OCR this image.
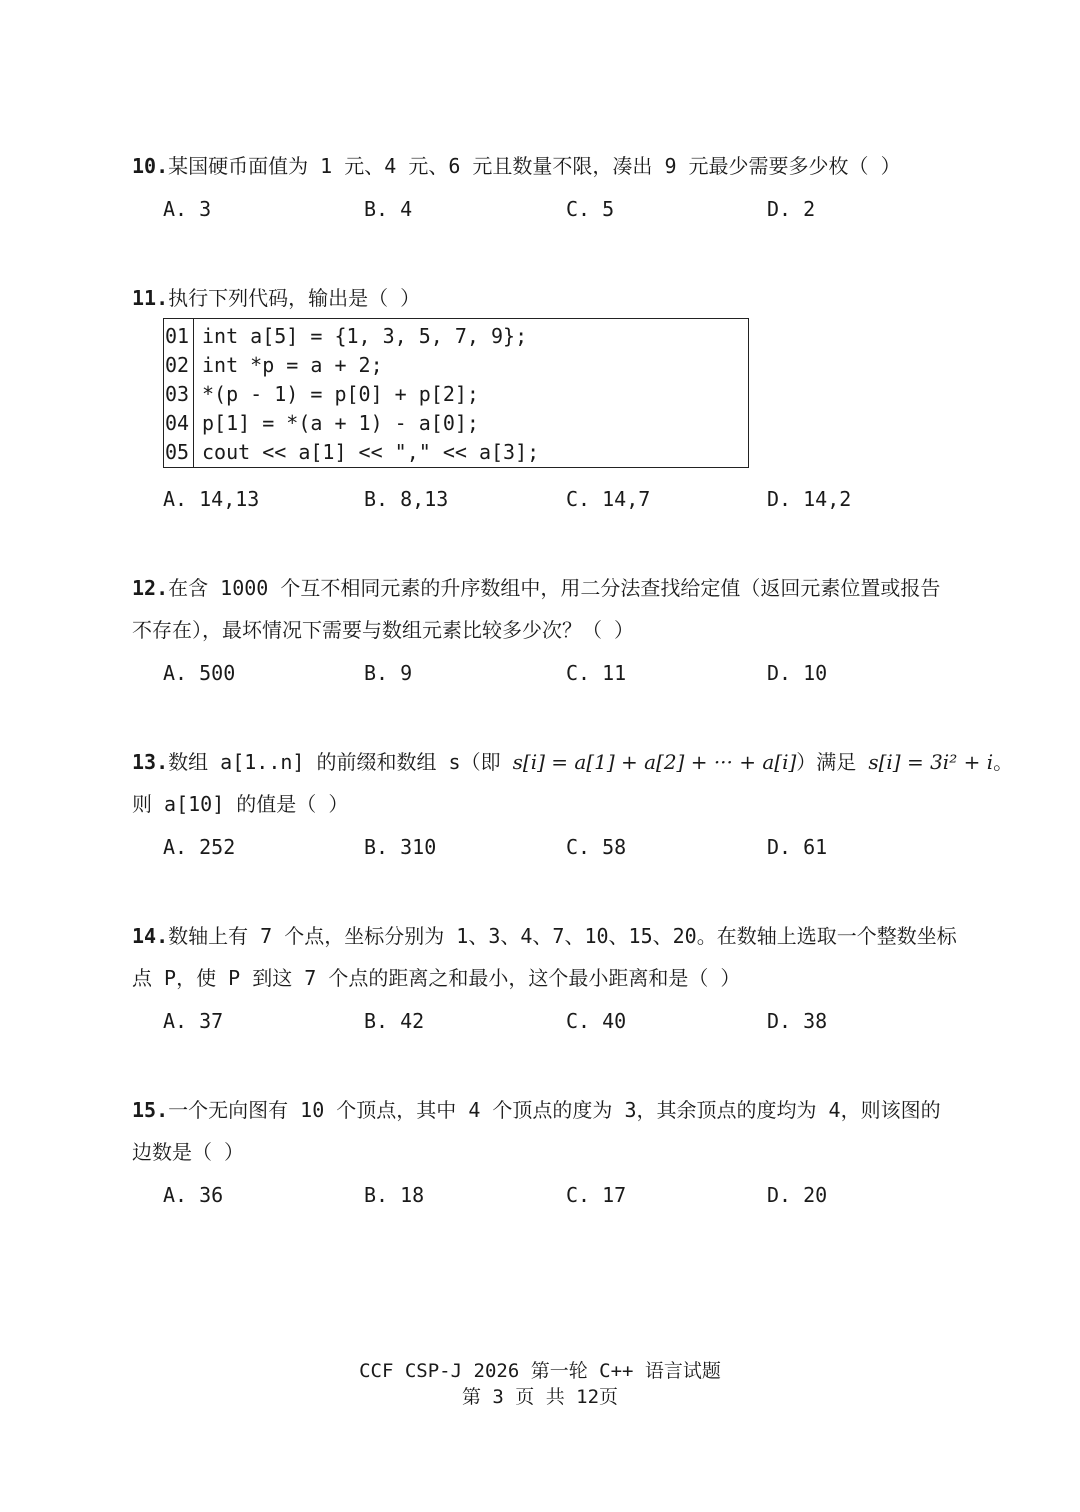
10.某国硬币面值为 1 元、4 元、6 元且数量不限，凑出 9 元最少需要多少枚（ ）
A. 3	B. 4	C. 5	D. 2
11.执行下列代码，输出是（ ）
01 int a[5] = {1, 3, 5, 7, 9};
02 int *p = a + 2;
03 *(p - 1) = p[0] + p[2];
04 p[1] = *(a + 1) - a[0];
05 cout << a[1] << "," << a[3];
A. 14,13	B. 8,13	C. 14,7	D. 14,2
12.在含 1000 个互不相同元素的升序数组中，用二分法查找给定值（返回元素位置或报告
不存在），最坏情况下需要与数组元素比较多少次？（ ）
A. 500	B. 9	C. 11	D. 10
13.数组 a[1..n] 的前缀和数组 s（即 s[i] = a[1] + a[2] + ··· + a[i]）满足 s[i] = 3i² + i。
则 a[10] 的值是（ ）
A. 252	B. 310	C. 58	D. 61
14.数轴上有 7 个点，坐标分别为 1、3、4、7、10、15、20。在数轴上选取一个整数坐标
点 P，使 P 到这 7 个点的距离之和最小，这个最小距离和是（ ）
A. 37	B. 42	C. 40	D. 38
15.一个无向图有 10 个顶点，其中 4 个顶点的度为 3，其余顶点的度均为 4，则该图的
边数是（ ）
A. 36	B. 18	C. 17	D. 20
CCF CSP-J 2026 第一轮 C++ 语言试题
第 3 页 共 12页
